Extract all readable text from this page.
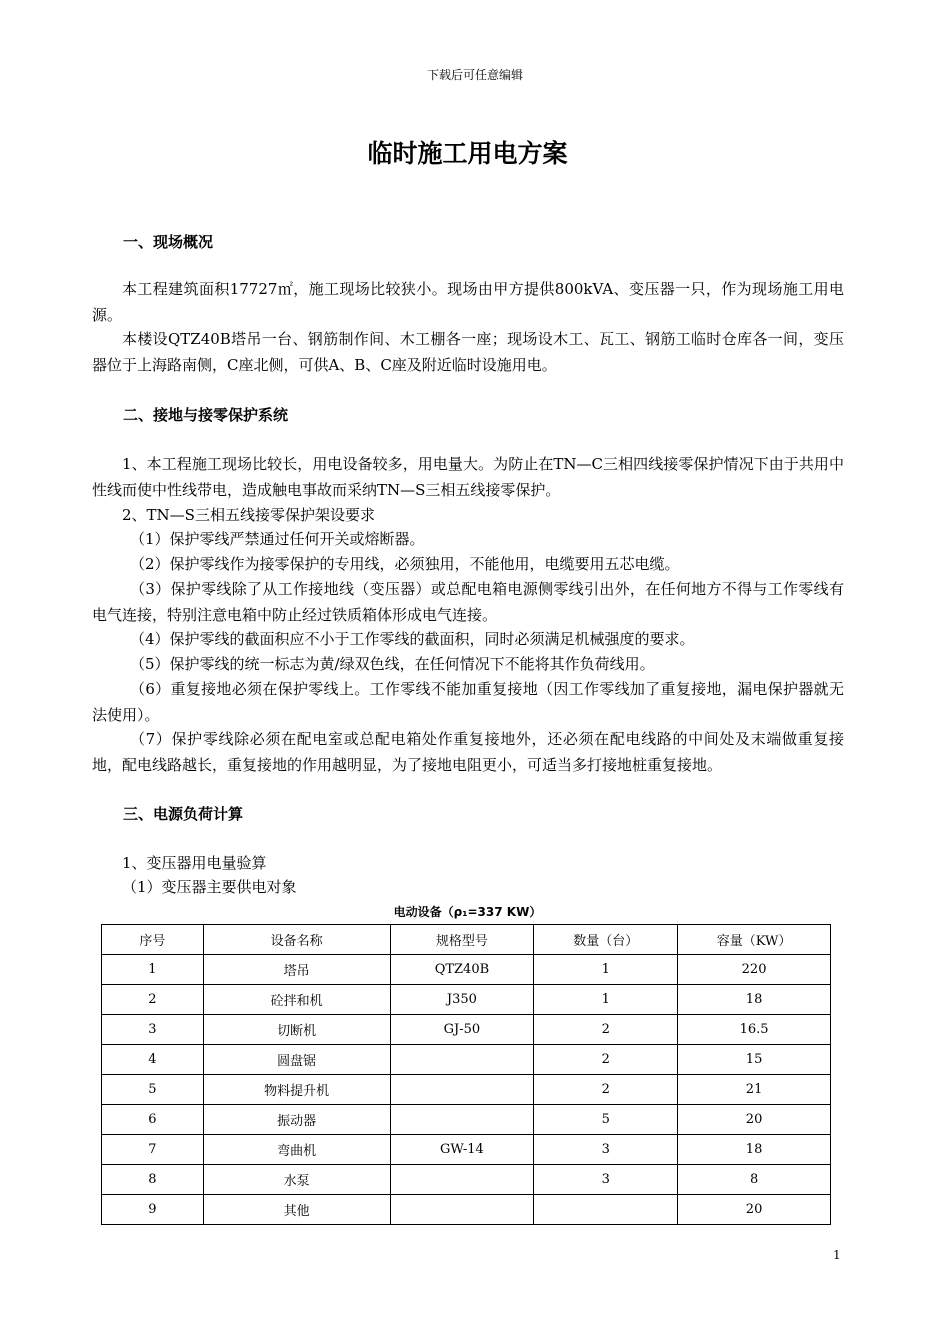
下载后可任意编辑
临时施工用电方案
一、现场概况
本工程建筑面积17727㎡，施工现场比较狭小。现场由甲方提供800kVA、变压器一只，作为现场施工用电源。
本楼设QTZ40B塔吊一台、钢筋制作间、木工棚各一座；现场设木工、瓦工、钢筋工临时仓库各一间，变压器位于上海路南侧，C座北侧，可供A、B、C座及附近临时设施用电。
二、接地与接零保护系统
1、本工程施工现场比较长，用电设备较多，用电量大。为防止在TN—C三相四线接零保护情况下由于共用中性线而使中性线带电，造成触电事故而采纳TN—S三相五线接零保护。
2、TN—S三相五线接零保护架设要求
（1）保护零线严禁通过任何开关或熔断器。
（2）保护零线作为接零保护的专用线，必须独用，不能他用，电缆要用五芯电缆。
（3）保护零线除了从工作接地线（变压器）或总配电箱电源侧零线引出外，在任何地方不得与工作零线有电气连接，特别注意电箱中防止经过铁质箱体形成电气连接。
（4）保护零线的截面积应不小于工作零线的截面积，同时必须满足机械强度的要求。
（5）保护零线的统一标志为黄/绿双色线，在任何情况下不能将其作负荷线用。
（6）重复接地必须在保护零线上。工作零线不能加重复接地（因工作零线加了重复接地，漏电保护器就无法使用）。
（7）保护零线除必须在配电室或总配电箱处作重复接地外，还必须在配电线路的中间处及末端做重复接地，配电线路越长，重复接地的作用越明显，为了接地电阻更小，可适当多打接地桩重复接地。
三、电源负荷计算
1、变压器用电量验算
（1）变压器主要供电对象
电动设备（ρ₁=337 KW）
序号	设备名称	规格型号	数量（台）	容量（KW）
1	塔吊	QTZ40B	1	220
2	砼拌和机	J350	1	18
3	切断机	GJ-50	2	16.5
4	圆盘锯		2	15
5	物料提升机		2	21
6	振动器		5	20
7	弯曲机	GW-14	3	18
8	水泵		3	8
9	其他			20
1
